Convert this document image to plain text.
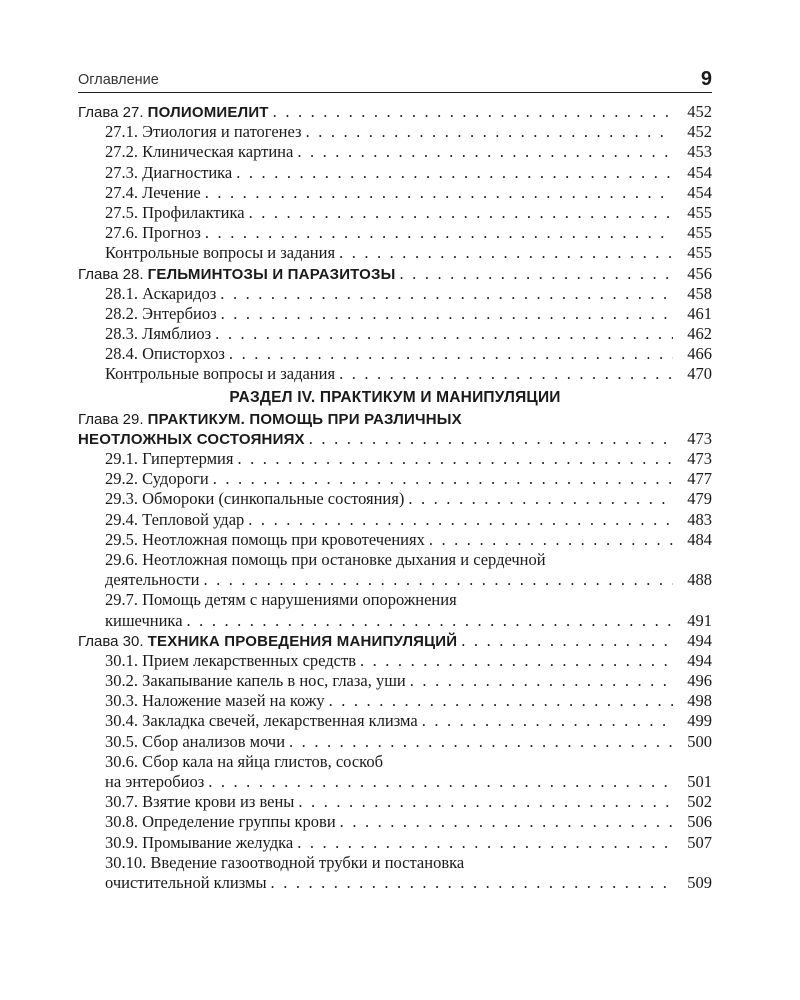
Оглавление	9
Глава 27. ПОЛИОМИЕЛИТ . . .	452
27.1. Этиология и патогенез . . .	452
27.2. Клиническая картина . . .	453
27.3. Диагностика . . .	454
27.4. Лечение . . .	454
27.5. Профилактика . . .	455
27.6. Прогноз . . .	455
Контрольные вопросы и задания . . .	455
Глава 28. ГЕЛЬМИНТОЗЫ И ПАРАЗИТОЗЫ . . .	456
28.1. Аскаридоз . . .	458
28.2. Энтербиоз . . .	461
28.3. Лямблиоз . . .	462
28.4. Описторхоз . . .	466
Контрольные вопросы и задания . . .	470
РАЗДЕЛ IV. ПРАКТИКУМ И МАНИПУЛЯЦИИ
Глава 29. ПРАКТИКУМ. ПОМОЩЬ ПРИ РАЗЛИЧНЫХ
НЕОТЛОЖНЫХ СОСТОЯНИЯХ . . .	473
29.1. Гипертермия . . .	473
29.2. Судороги . . .	477
29.3. Обмороки (синкопальные состояния) . . .	479
29.4. Тепловой удар . . .	483
29.5. Неотложная помощь при кровотечениях . . .	484
29.6. Неотложная помощь при остановке дыхания и сердечной
деятельности . . .	488
29.7. Помощь детям с нарушениями опорожнения
кишечника . . .	491
Глава 30. ТЕХНИКА ПРОВЕДЕНИЯ МАНИПУЛЯЦИЙ . . .	494
30.1. Прием лекарственных средств . . .	494
30.2. Закапывание капель в нос, глаза, уши . . .	496
30.3. Наложение мазей на кожу . . .	498
30.4. Закладка свечей, лекарственная клизма . . .	499
30.5. Сбор анализов мочи . . .	500
30.6. Сбор кала на яйца глистов, соскоб
на энтеробиоз . . .	501
30.7. Взятие крови из вены . . .	502
30.8. Определение группы крови . . .	506
30.9. Промывание желудка . . .	507
30.10. Введение газоотводной трубки и постановка
очистительной клизмы . . .	509
